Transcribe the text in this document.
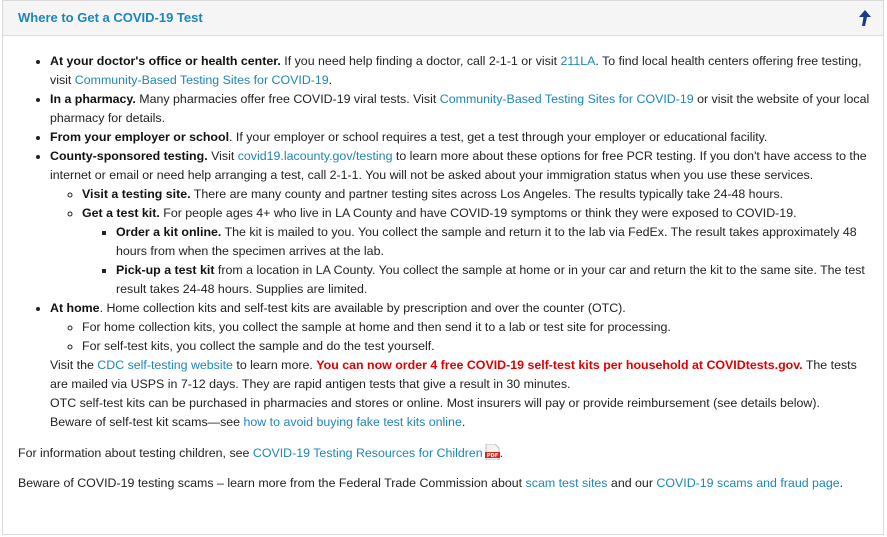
Where to Get a COVID-19 Test
• At your doctor's office or health center. If you need help finding a doctor, call 2-1-1 or visit 211LA. To find local health centers offering free testing, visit Community-Based Testing Sites for COVID-19.
• In a pharmacy. Many pharmacies offer free COVID-19 viral tests. Visit Community-Based Testing Sites for COVID-19 or visit the website of your local pharmacy for details.
• From your employer or school. If your employer or school requires a test, get a test through your employer or educational facility.
• County-sponsored testing. Visit covid19.lacounty.gov/testing to learn more about these options for free PCR testing. If you don't have access to the internet or email or need help arranging a test, call 2-1-1. You will not be asked about your immigration status when you use these services.
◦ Visit a testing site. There are many county and partner testing sites across Los Angeles. The results typically take 24-48 hours.
◦ Get a test kit. For people ages 4+ who live in LA County and have COVID-19 symptoms or think they were exposed to COVID-19.
▪ Order a kit online. The kit is mailed to you. You collect the sample and return it to the lab via FedEx. The result takes approximately 48 hours from when the specimen arrives at the lab.
▪ Pick-up a test kit from a location in LA County. You collect the sample at home or in your car and return the kit to the same site. The test result takes 24-48 hours. Supplies are limited.
• At home. Home collection kits and self-test kits are available by prescription and over the counter (OTC).
◦ For home collection kits, you collect the sample at home and then send it to a lab or test site for processing.
◦ For self-test kits, you collect the sample and do the test yourself.
Visit the CDC self-testing website to learn more. You can now order 4 free COVID-19 self-test kits per household at COVIDtests.gov. The tests are mailed via USPS in 7-12 days. They are rapid antigen tests that give a result in 30 minutes.
OTC self-test kits can be purchased in pharmacies and stores or online. Most insurers will pay or provide reimbursement (see details below).
Beware of self-test kit scams—see how to avoid buying fake test kits online.

For information about testing children, see COVID-19 Testing Resources for Children PDF .

Beware of COVID-19 testing scams – learn more from the Federal Trade Commission about scam test sites and our COVID-19 scams and fraud page.
